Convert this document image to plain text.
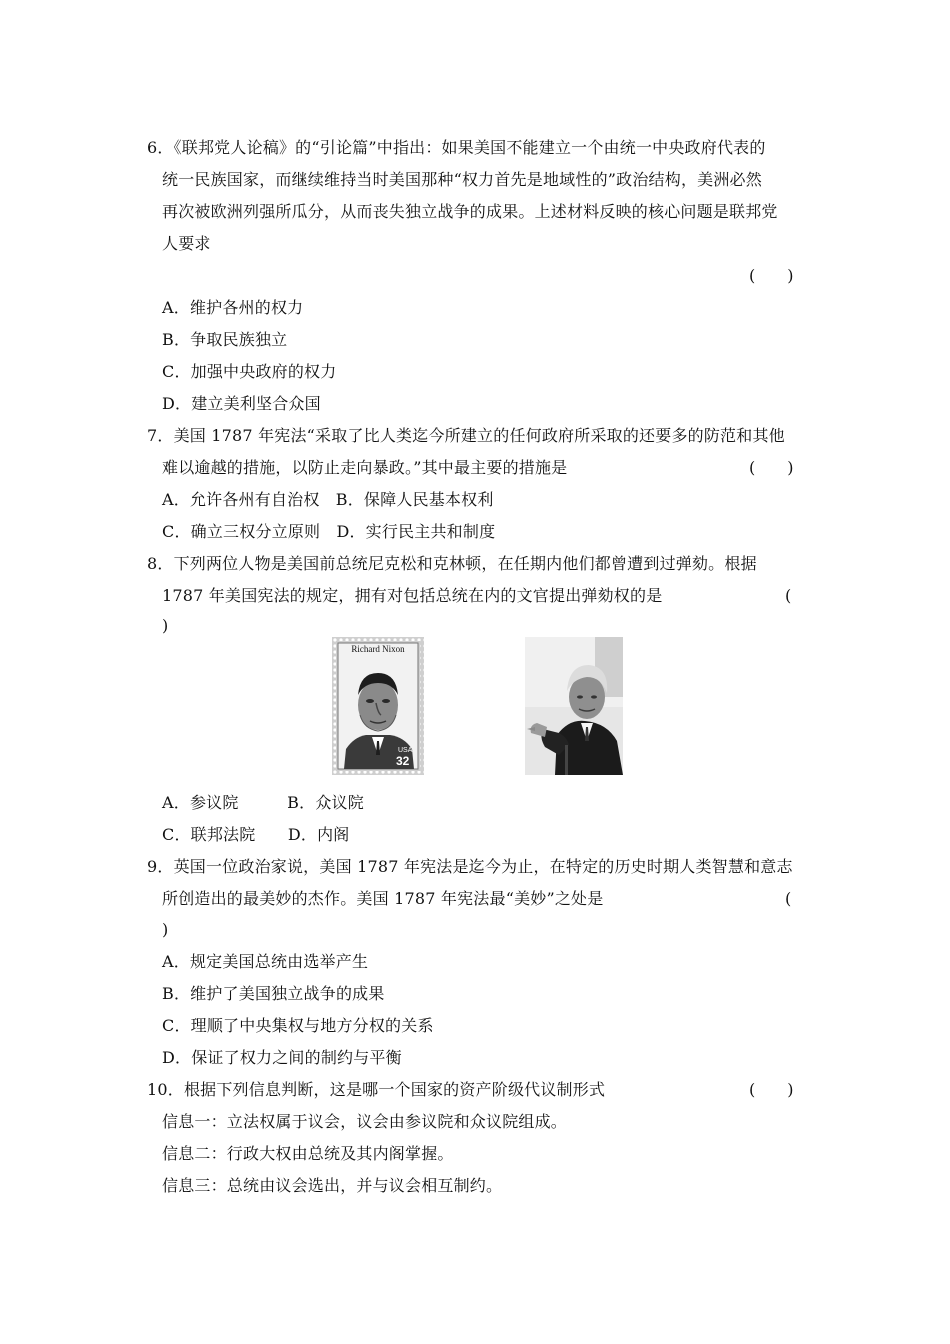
6．《联邦党人论稿》的“引论篇”中指出：如果美国不能建立一个由统一中央政府代表的
统一民族国家，而继续维持当时美国那种“权力首先是地域性的”政治结构，美洲必然
再次被欧洲列强所瓜分，从而丧失独立战争的成果。上述材料反映的核心问题是联邦党
人要求
(　　)
A．维护各州的权力
B．争取民族独立
C．加强中央政府的权力
D．建立美利坚合众国
7．美国 1787 年宪法“采取了比人类迄今所建立的任何政府所采取的还要多的防范和其他
难以逾越的措施，以防止走向暴政。”其中最主要的措施是	(　　)
A．允许各州有自治权　B．保障人民基本权利
C．确立三权分立原则　D．实行民主共和制度
8．下列两位人物是美国前总统尼克松和克林顿，在任期内他们都曾遭到过弹劾。根据
1787 年美国宪法的规定，拥有对包括总统在内的文官提出弹劾权的是	(
)
Richard Nixon
USA
32
A．参议院　　　B．众议院
C．联邦法院　　D．内阁
9．英国一位政治家说，美国 1787 年宪法是迄今为止，在特定的历史时期人类智慧和意志
所创造出的最美妙的杰作。美国 1787 年宪法最“美妙”之处是	(
)
A．规定美国总统由选举产生
B．维护了美国独立战争的成果
C．理顺了中央集权与地方分权的关系
D．保证了权力之间的制约与平衡
10．根据下列信息判断，这是哪一个国家的资产阶级代议制形式	(　　)
信息一：立法权属于议会，议会由参议院和众议院组成。
信息二：行政大权由总统及其内阁掌握。
信息三：总统由议会选出，并与议会相互制约。
